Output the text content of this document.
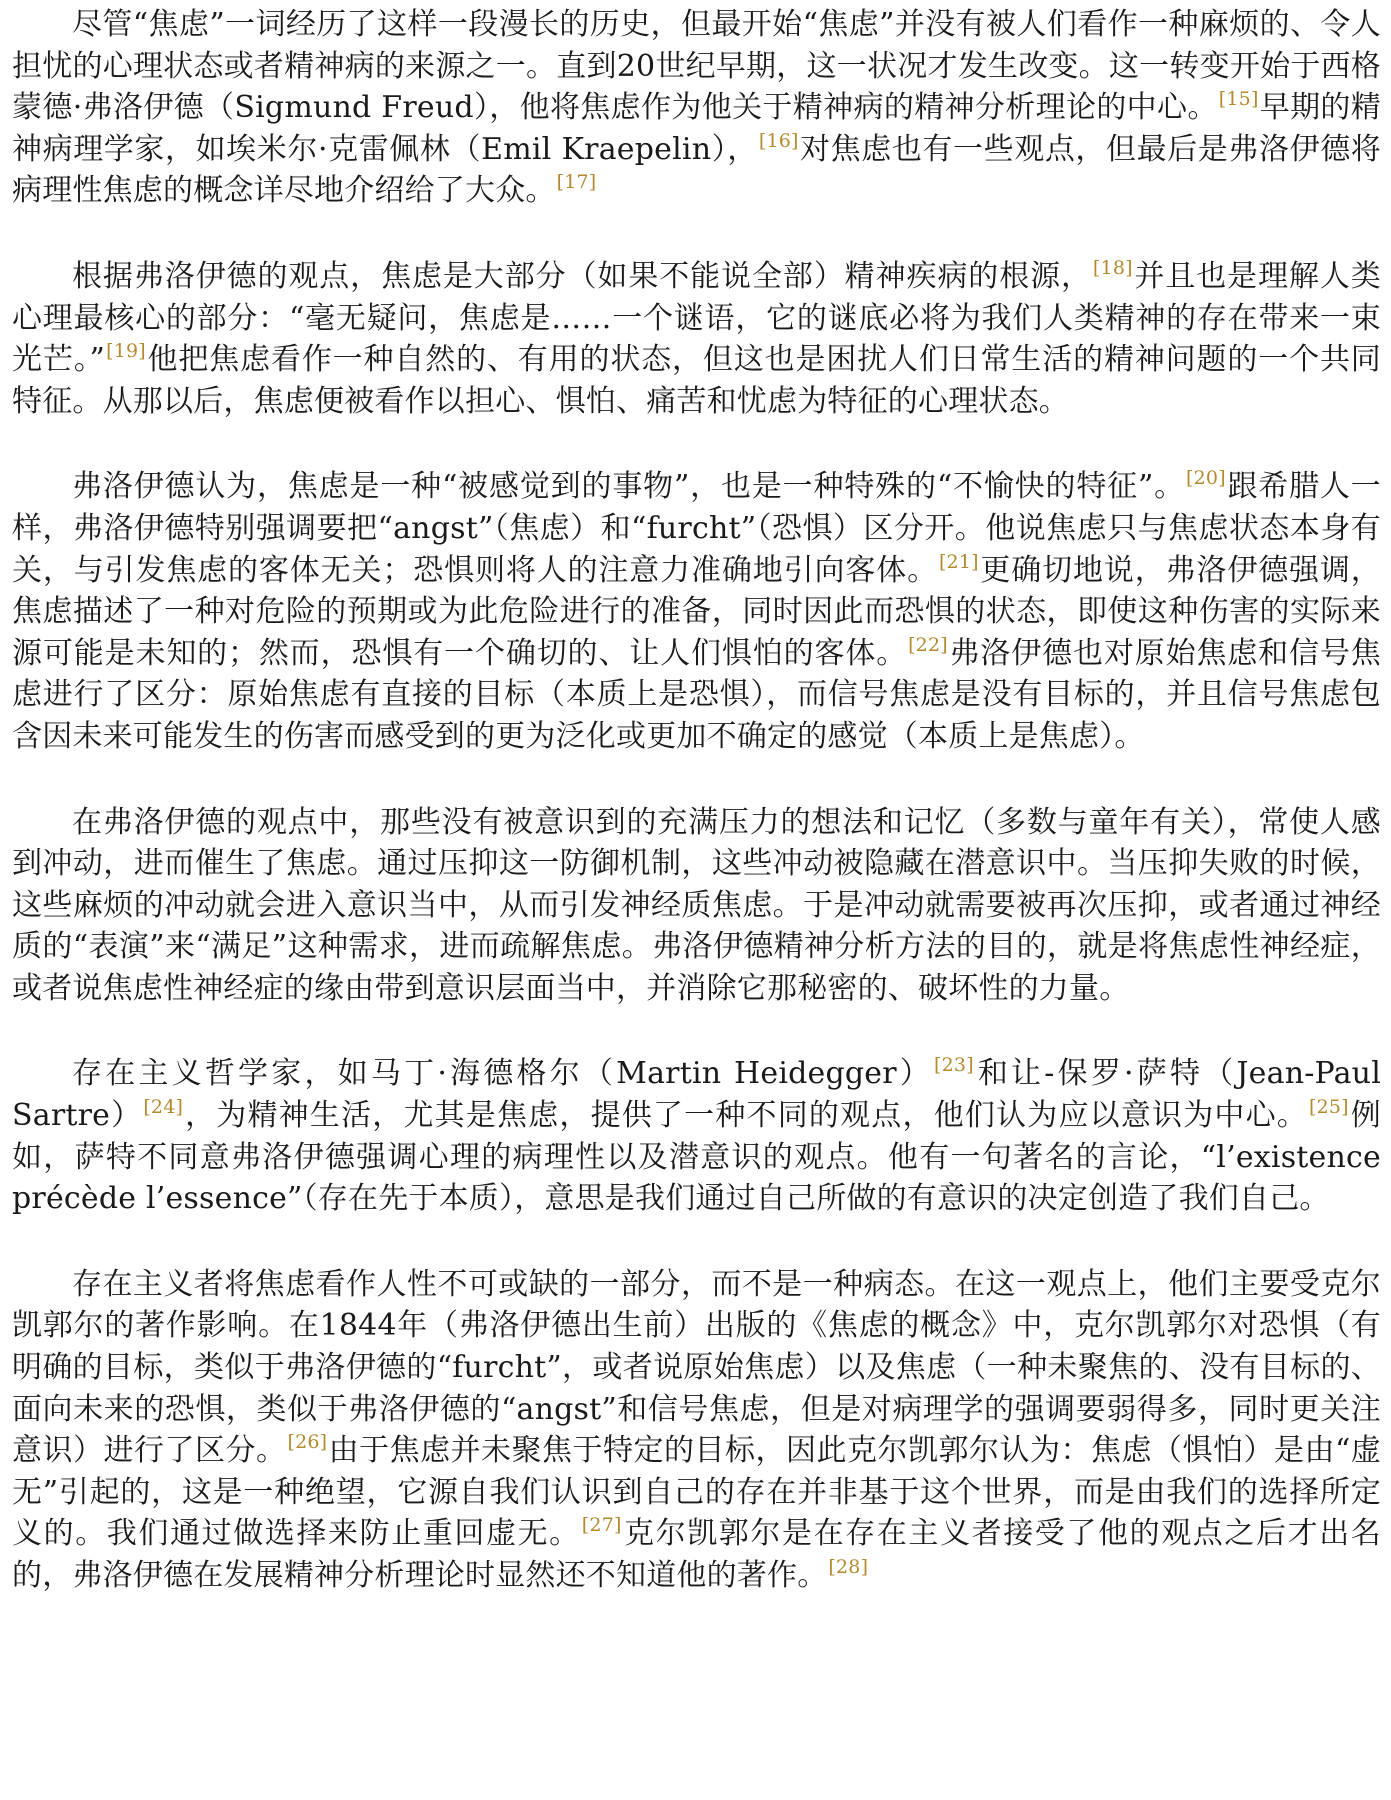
尽管“焦虑”一词经历了这样一段漫长的历史，但最开始“焦虑”并没有被人们看作一种麻烦的、令人担忧的心理状态或者精神病的来源之一。直到20世纪早期，这一状况才发生改变。这一转变开始于西格蒙德·弗洛伊德（Sigmund Freud），他将焦虑作为他关于精神病的精神分析理论的中心。[15]早期的精神病理学家，如埃米尔·克雷佩林（Emil Kraepelin），[16]对焦虑也有一些观点，但最后是弗洛伊德将病理性焦虑的概念详尽地介绍给了大众。[17]

根据弗洛伊德的观点，焦虑是大部分（如果不能说全部）精神疾病的根源，[18]并且也是理解人类心理最核心的部分：“毫无疑问，焦虑是……一个谜语，它的谜底必将为我们人类精神的存在带来一束光芒。”[19]他把焦虑看作一种自然的、有用的状态，但这也是困扰人们日常生活的精神问题的一个共同特征。从那以后，焦虑便被看作以担心、惧怕、痛苦和忧虑为特征的心理状态。

弗洛伊德认为，焦虑是一种“被感觉到的事物”，也是一种特殊的“不愉快的特征”。[20]跟希腊人一样，弗洛伊德特别强调要把“angst”（焦虑）和“furcht”（恐惧）区分开。他说焦虑只与焦虑状态本身有关，与引发焦虑的客体无关；恐惧则将人的注意力准确地引向客体。[21]更确切地说，弗洛伊德强调，焦虑描述了一种对危险的预期或为此危险进行的准备，同时因此而恐惧的状态，即使这种伤害的实际来源可能是未知的；然而，恐惧有一个确切的、让人们惧怕的客体。[22]弗洛伊德也对原始焦虑和信号焦虑进行了区分：原始焦虑有直接的目标（本质上是恐惧），而信号焦虑是没有目标的，并且信号焦虑包含因未来可能发生的伤害而感受到的更为泛化或更加不确定的感觉（本质上是焦虑）。

在弗洛伊德的观点中，那些没有被意识到的充满压力的想法和记忆（多数与童年有关），常使人感到冲动，进而催生了焦虑。通过压抑这一防御机制，这些冲动被隐藏在潜意识中。当压抑失败的时候，这些麻烦的冲动就会进入意识当中，从而引发神经质焦虑。于是冲动就需要被再次压抑，或者通过神经质的“表演”来“满足”这种需求，进而疏解焦虑。弗洛伊德精神分析方法的目的，就是将焦虑性神经症，或者说焦虑性神经症的缘由带到意识层面当中，并消除它那秘密的、破坏性的力量。

存在主义哲学家，如马丁·海德格尔（Martin Heidegger）[23]和让-保罗·萨特（Jean-Paul Sartre）[24]，为精神生活，尤其是焦虑，提供了一种不同的观点，他们认为应以意识为中心。[25]例如，萨特不同意弗洛伊德强调心理的病理性以及潜意识的观点。他有一句著名的言论，“l’existence précède l’essence”（存在先于本质），意思是我们通过自己所做的有意识的决定创造了我们自己。

存在主义者将焦虑看作人性不可或缺的一部分，而不是一种病态。在这一观点上，他们主要受克尔凯郭尔的著作影响。在1844年（弗洛伊德出生前）出版的《焦虑的概念》中，克尔凯郭尔对恐惧（有明确的目标，类似于弗洛伊德的“furcht”，或者说原始焦虑）以及焦虑（一种未聚焦的、没有目标的、面向未来的恐惧，类似于弗洛伊德的“angst”和信号焦虑，但是对病理学的强调要弱得多，同时更关注意识）进行了区分。[26]由于焦虑并未聚焦于特定的目标，因此克尔凯郭尔认为：焦虑（惧怕）是由“虚无”引起的，这是一种绝望，它源自我们认识到自己的存在并非基于这个世界，而是由我们的选择所定义的。我们通过做选择来防止重回虚无。[27]克尔凯郭尔是在存在主义者接受了他的观点之后才出名的，弗洛伊德在发展精神分析理论时显然还不知道他的著作。[28]
